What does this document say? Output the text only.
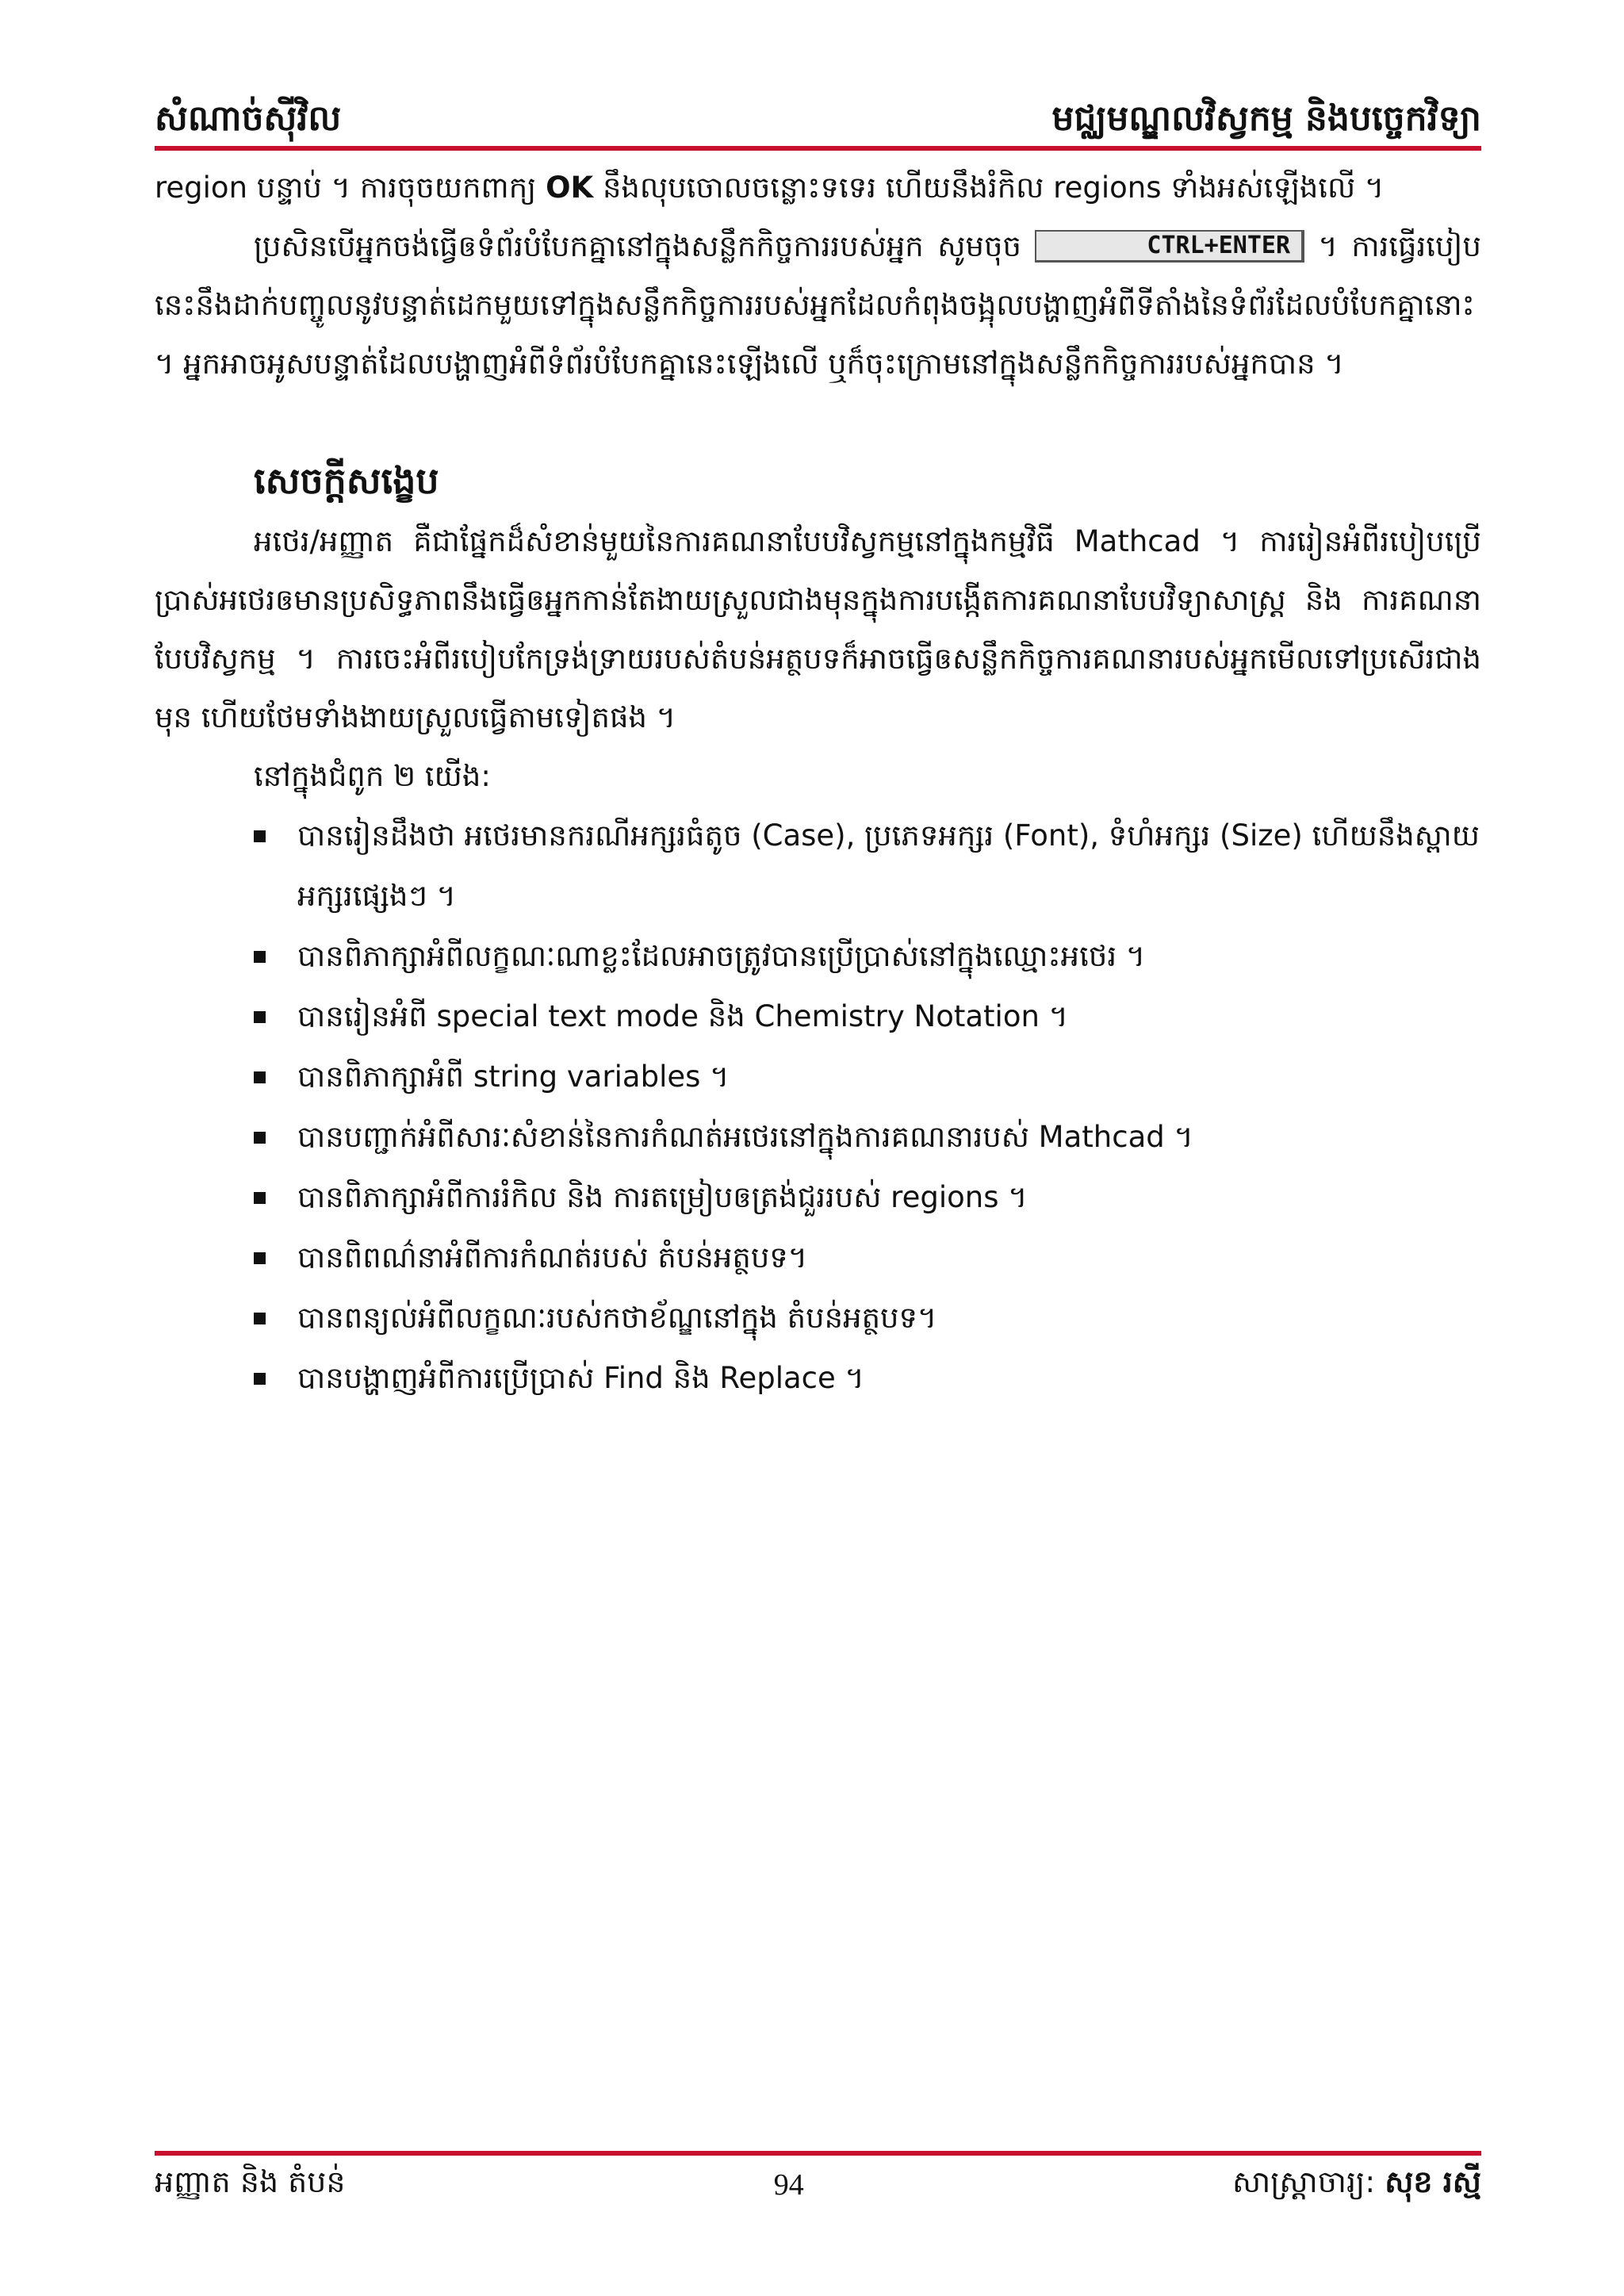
សំណាច់ស៊ីវិល	មជ្ឈមណ្ឌលវិស្វកម្ម និងបច្ចេកវិទ្យា

region បន្ទាប់ ។ ការចុចយកពាក្យ OK នឹងលុបចោលចន្លោះទទេរ ហើយនឹងរំកិល regions ទាំងអស់ឡើងលើ ។

ប្រសិនបើអ្នកចង់ធ្វើឲទំព័របំបែកគ្នានៅក្នុងសន្លឹកកិច្ចការរបស់អ្នក សូមចុច	CTRL+ENTER ។ ការធ្វើរបៀបនេះនឹងដាក់បញ្ចូលនូវបន្ទាត់ដេកមួយទៅក្នុងសន្លឹកកិច្ចការរបស់អ្នកដែលកំពុងចង្អុលបង្ហាញអំពីទីតាំងនៃទំព័រដែលបំបែកគ្នានោះ ។ អ្នកអាចអូសបន្ទាត់ដែលបង្ហាញអំពីទំព័របំបែកគ្នានេះឡើងលើ ឬក៏ចុះក្រោមនៅក្នុងសន្លឹកកិច្ចការរបស់អ្នកបាន ។

សេចក្តីសង្ខេប

អថេរ/អញ្ញាត គឺជាផ្នែកដ៏សំខាន់មួយនៃការគណនាបែបវិស្វកម្មនៅក្នុងកម្មវិធី Mathcad ។ ការរៀនអំពីរបៀបប្រើប្រាស់អថេរឲមានប្រសិទ្ធភាពនឹងធ្វើឲអ្នកកាន់តែងាយស្រួលជាងមុនក្នុងការបង្កើតការគណនាបែបវិទ្យាសាស្ត្រ និង ការគណនាបែបវិស្វកម្ម ។ ការចេះអំពីរបៀបកែទ្រង់ទ្រាយរបស់តំបន់អត្ថបទក៏អាចធ្វើឲសន្លឹកកិច្ចការគណនារបស់អ្នកមើលទៅប្រសើរជាងមុន ហើយថែមទាំងងាយស្រួលធ្វើតាមទៀតផង ។

នៅក្នុងជំពូក ២ យើង:

បានរៀនដឹងថា អថេរមានករណីអក្សរធំតូច (Case), ប្រភេទអក្សរ (Font), ទំហំអក្សរ (Size) ហើយនឹងស្ពាយអក្សរផ្សេងៗ ។
បានពិភាក្សាអំពីលក្ខណៈណាខ្លះដែលអាចត្រូវបានប្រើប្រាស់នៅក្នុងឈ្មោះអថេរ ។
បានរៀនអំពី special text mode និង Chemistry Notation ។
បានពិភាក្សាអំពី string variables ។
បានបញ្ជាក់អំពីសារៈសំខាន់នៃការកំណត់អថេរនៅក្នុងការគណនារបស់ Mathcad ។
បានពិភាក្សាអំពីការរំកិល និង ការតម្រៀបឲត្រង់ជួររបស់ regions ។
បានពិពណ៌នាអំពីការកំណត់របស់ តំបន់អត្ថបទ។
បានពន្យល់អំពីលក្ខណៈរបស់កថាខ័ណ្ឌនៅក្នុង តំបន់អត្ថបទ។
បានបង្ហាញអំពីការប្រើប្រាស់ Find និង Replace ។
អញ្ញាត និង តំបន់	94	សាស្ត្រាចារ្យ: សុខ រស្មី
